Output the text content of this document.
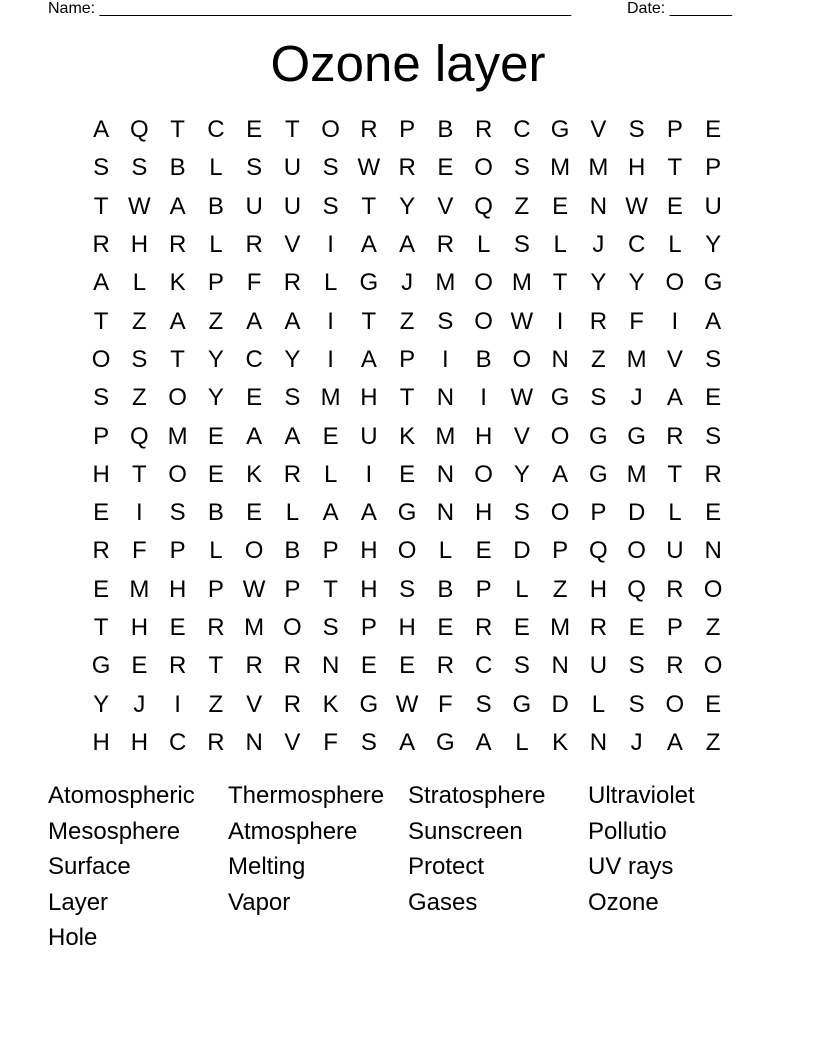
Name: _____________________________________________________	Date: _______
Ozone layer
A Q T C E T O R P B R C G V S P E
S S B L S U S W R E O S M M H T P
T W A B U U S T Y V Q Z E N W E U
R H R L R V	I	A A R L S L	J C L Y
A L K P F R L G J M O M T Y Y O G
T Z A Z A A	I	T Z S O W I	R F	I	A
O S T Y C Y	I	A P	I	B O N Z M V S
S Z O Y E S M H T N	I W G S	J	A E
P Q M E A A E U K M H V O G G R S
H T O E K R L	I	E N O Y A G M T R
E	I	S B E L A A G N H S O P D L E
R F P L O B P H O L E D P Q O U N
E M H P W P T H S B P L	Z H Q R O
T H E R M O S P H E R E M R E P Z
G E R T R R N E E R C S N U S R O
Y	J	I	Z V R K G W F S G D L S O E
H H C R N V F S A G A L K N J	A Z
Atomospheric	Thermosphere Stratosphere	Ultraviolet
Mesosphere	Atmosphere	Sunscreen	Pollutio
Surface	Melting	Protect	UV rays
Layer	Vapor	Gases	Ozone
Hole
